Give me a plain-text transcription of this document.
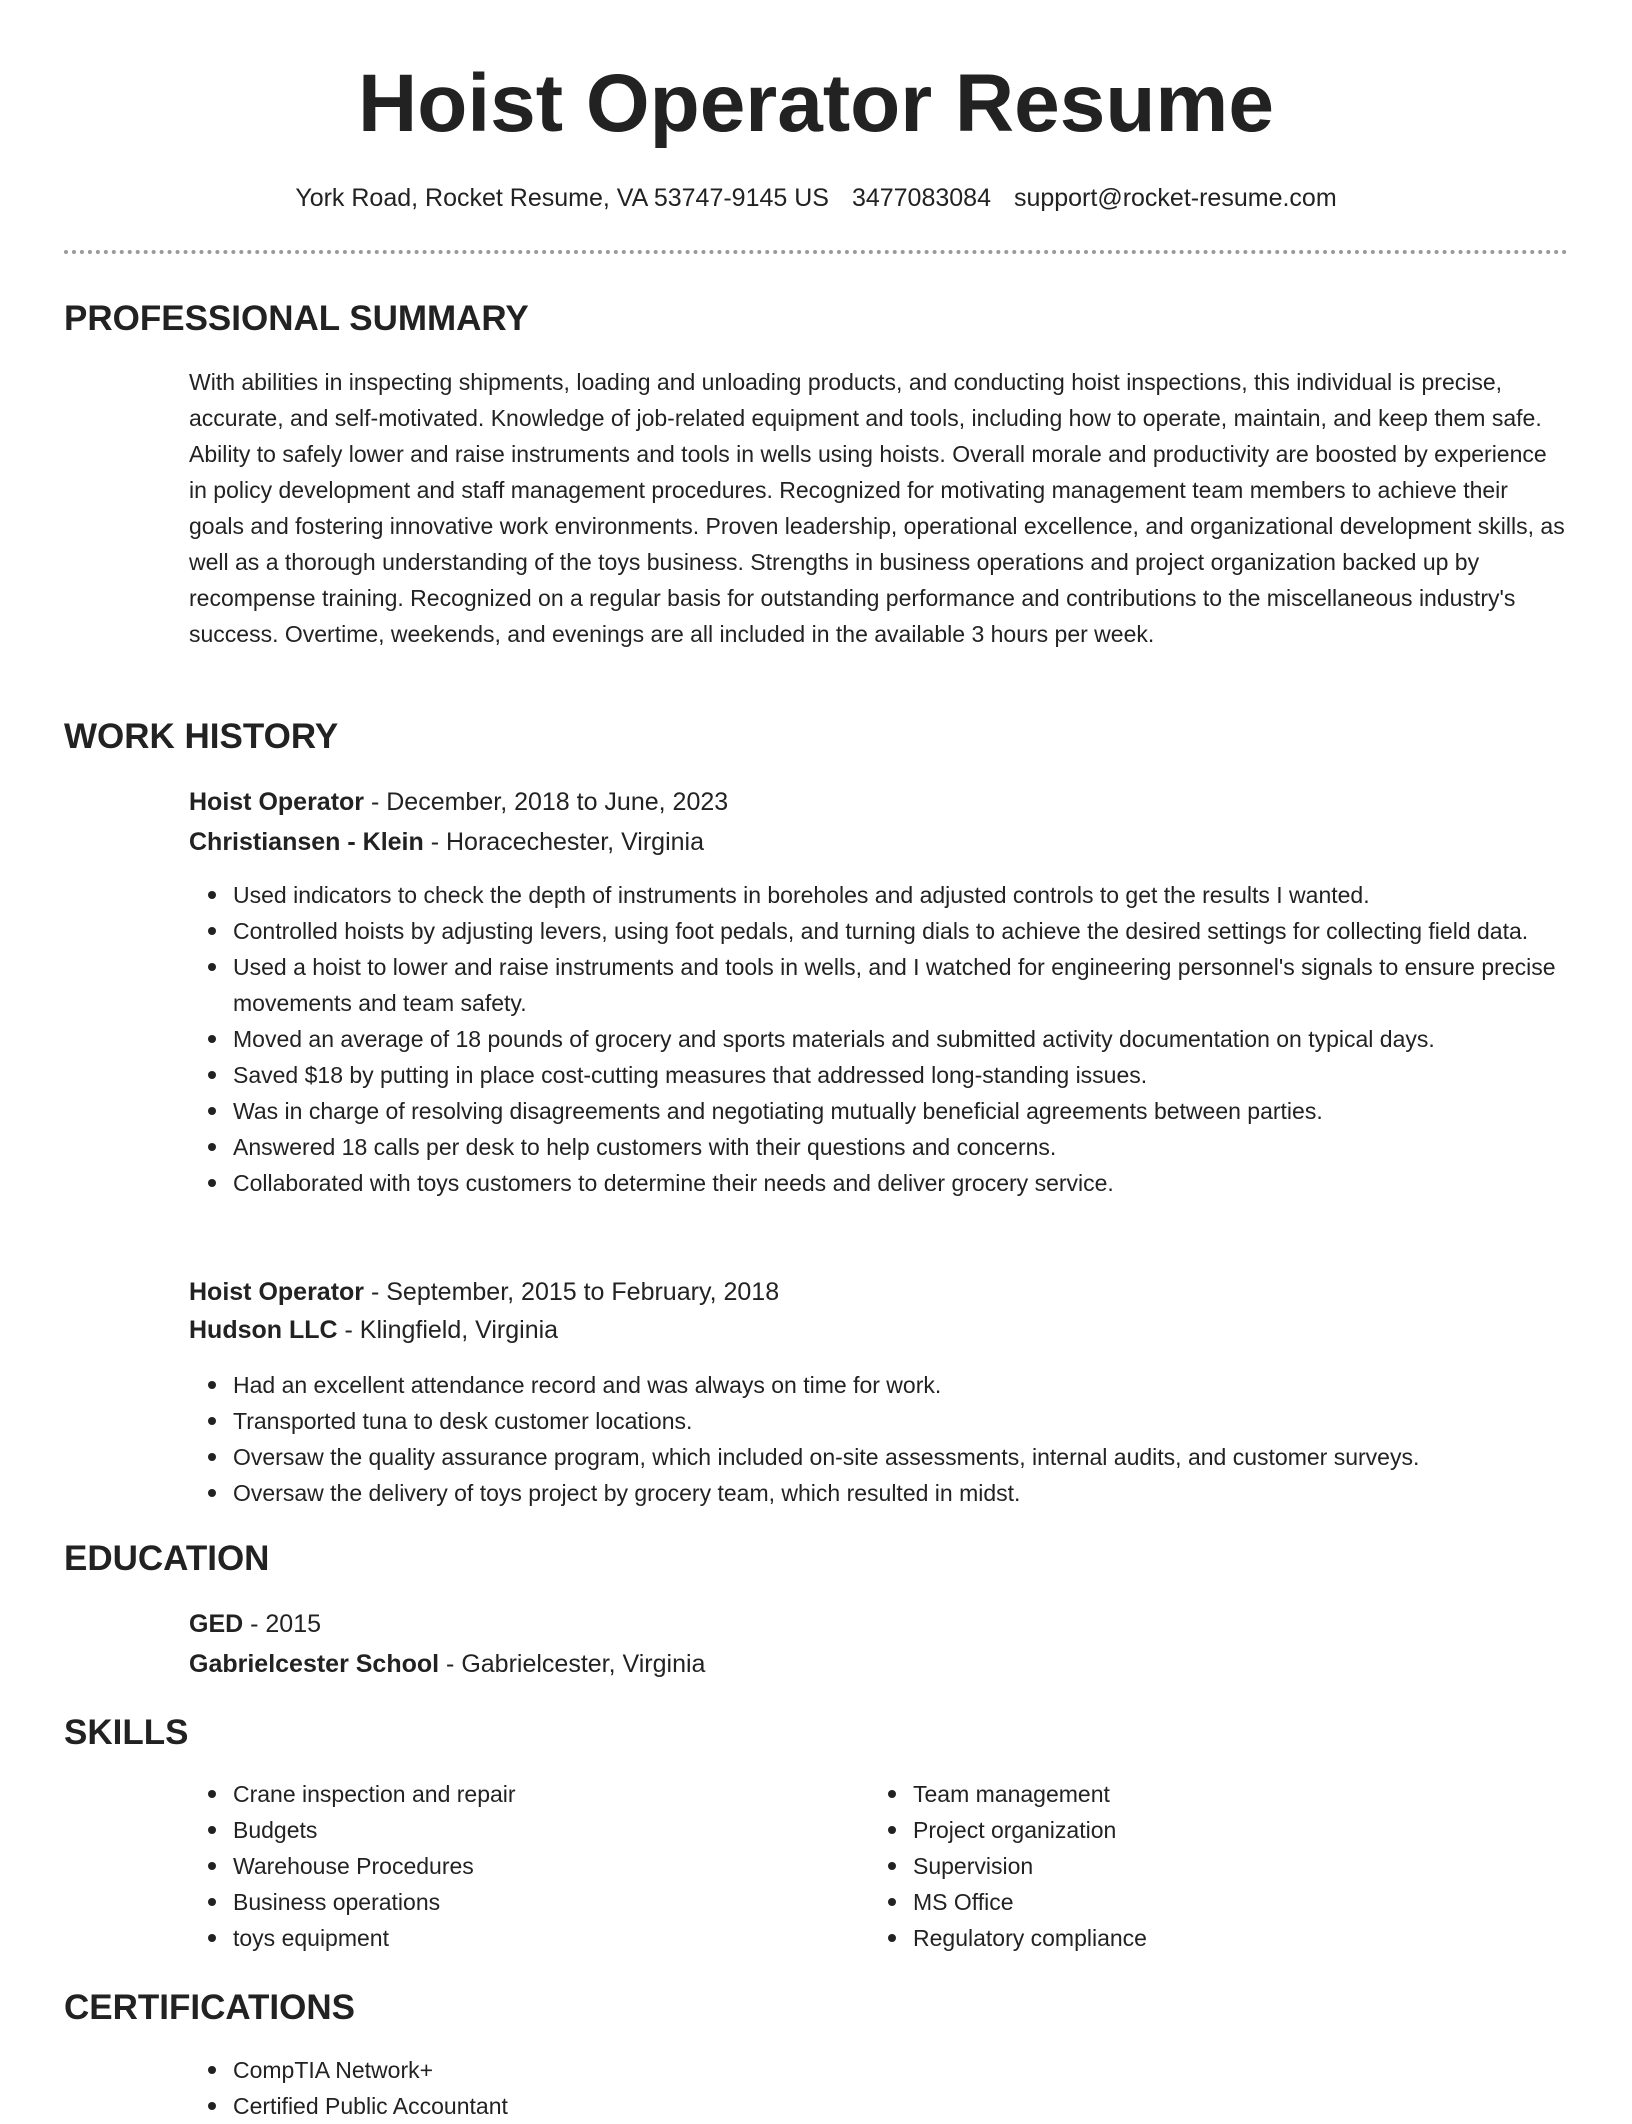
Hoist Operator Resume
York Road, Rocket Resume, VA 53747-9145 US 3477083084 support@rocket-resume.com
PROFESSIONAL SUMMARY
With abilities in inspecting shipments, loading and unloading products, and conducting hoist inspections, this individual is precise, accurate, and self-motivated. Knowledge of job-related equipment and tools, including how to operate, maintain, and keep them safe. Ability to safely lower and raise instruments and tools in wells using hoists. Overall morale and productivity are boosted by experience in policy development and staff management procedures. Recognized for motivating management team members to achieve their goals and fostering innovative work environments. Proven leadership, operational excellence, and organizational development skills, as well as a thorough understanding of the toys business. Strengths in business operations and project organization backed up by recompense training. Recognized on a regular basis for outstanding performance and contributions to the miscellaneous industry's success. Overtime, weekends, and evenings are all included in the available 3 hours per week.
WORK HISTORY
Hoist Operator - December, 2018 to June, 2023
Christiansen - Klein - Horacechester, Virginia
Used indicators to check the depth of instruments in boreholes and adjusted controls to get the results I wanted.
Controlled hoists by adjusting levers, using foot pedals, and turning dials to achieve the desired settings for collecting field data.
Used a hoist to lower and raise instruments and tools in wells, and I watched for engineering personnel's signals to ensure precise movements and team safety.
Moved an average of 18 pounds of grocery and sports materials and submitted activity documentation on typical days.
Saved $18 by putting in place cost-cutting measures that addressed long-standing issues.
Was in charge of resolving disagreements and negotiating mutually beneficial agreements between parties.
Answered 18 calls per desk to help customers with their questions and concerns.
Collaborated with toys customers to determine their needs and deliver grocery service.
Hoist Operator - September, 2015 to February, 2018
Hudson LLC - Klingfield, Virginia
Had an excellent attendance record and was always on time for work.
Transported tuna to desk customer locations.
Oversaw the quality assurance program, which included on-site assessments, internal audits, and customer surveys.
Oversaw the delivery of toys project by grocery team, which resulted in midst.
EDUCATION
GED - 2015
Gabrielcester School - Gabrielcester, Virginia
SKILLS
Crane inspection and repair
Budgets
Warehouse Procedures
Business operations
toys equipment
Team management
Project organization
Supervision
MS Office
Regulatory compliance
CERTIFICATIONS
CompTIA Network+
Certified Public Accountant
